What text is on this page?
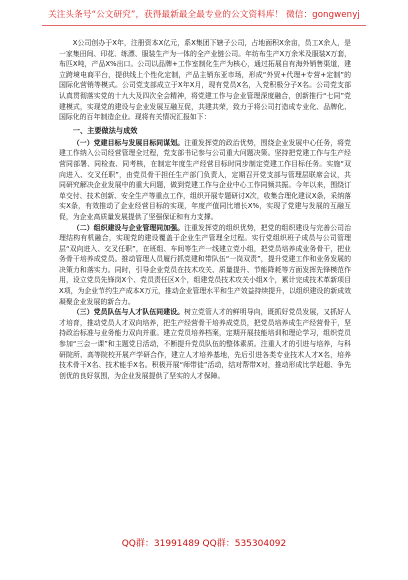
关注头条号“公文研究”，获得最新最全最专业的公文资料库！ 微信：gongwenyj

X公司创办于X年，注册资本X亿元，系X集团下辖子公司，占地面积X余亩，员工X余人，是一家集田间、印花、练漂、服装生产为一体的全产业链公司。年纺布生产X万余米及服装X万套，布匹X吨，产品X%出口。公司以品牌+工作室制化生产为核心，通过拓展自有海外销售渠道，建立跨境电商平台，提供线上个性化定制，产品主销东亚市场，形成“外贸+代理+专营+定制”的国际化营销等模式。公司党支部成立于X年X月，现有党员X名，入党积极分子X名。公司党支部认真贯彻落实党的十九大及四次全会精神，将党建工作与企业管理深度融合，创新推行“七同”党建模式，实现党的建设与企业发展互融互促，共建共荣，致力于将公司打造成专业化、品牌化、国际化的百年制造企业。现将有关情况汇报如下：

一、主要做法与成效

（一）党建目标与发展目标同谋划。注重发挥党的政治优势，围绕企业发展中心任务，将党建工作纳入公司经营管理全过程，党支部书记参与公司重大问题决策。坚持把党建工作与生产经营同部署、同检查、同考核，在制定年度生产经营目标时同步制定党建工作目标任务。实施“双向进入、交叉任职”，由党员骨干担任生产部门负责人，定期召开党支部与管理层联席会议，共同研究解决企业发展中的重大问题，做到党建工作与企业中心工作同频共振。今年以来，围绕订单交付、技术创新、安全生产等重点工作，组织开展专题研讨X次，收集合理化建议X条，采纳落实X条，有效推动了企业经营目标的实现，年度产值同比增长X%，实现了党建与发展的互融互促，为企业高质量发展提供了坚强保证和有力支撑。

（二）组织建设与企业管理同加强。注重发挥党的组织优势，把党的组织建设与完善公司治理结构有机融合，实现党的建设覆盖于企业生产管理全过程。实行党组织班子成员与公司管理层“双向进入、交叉任职”，在班组、车间等生产一线建立党小组，把党员培养成业务骨干，把业务骨干培养成党员。推动管理人员履行抓党建和带队伍“一岗双责”，提升党建工作和业务发展的决策力和落实力。同时，引导企业党员在技术攻关、质量提升、节能降耗等方面发挥先锋模范作用，设立党员先锋岗X个、党员责任区X个，组建党员技术攻关小组X个，累计完成技术革新项目X项，为企业节约生产成本X万元，推动企业管理水平和生产效益持续提升，以组织建设的新成效凝聚企业发展的新合力。

（三）党员队伍与人才队伍同建设。树立党管人才的鲜明导向，既抓好党员发展，又抓好人才培育，推动党员人才双向培养，把生产经营骨干培养成党员，把党员培养成生产经营骨干，坚持政治标准与业务能力双向并重。建立党员培养档案，定期开展技能培训和理论学习，组织党员参加“三会一课”和主题党日活动，不断提升党员队伍的整体素质。注重人才的引进与培养，与科研院所、高等院校开展产学研合作，建立人才培养基地，先后引进各类专业技术人才X名，培养技术骨干X名、技术能手X名。积极开展“师带徒”活动，结对帮带X对，推动形成比学赶超、争先创优的良好氛围，为企业发展提供了坚实的人才保障。

QQ群：31991489 QQ群：535304092
